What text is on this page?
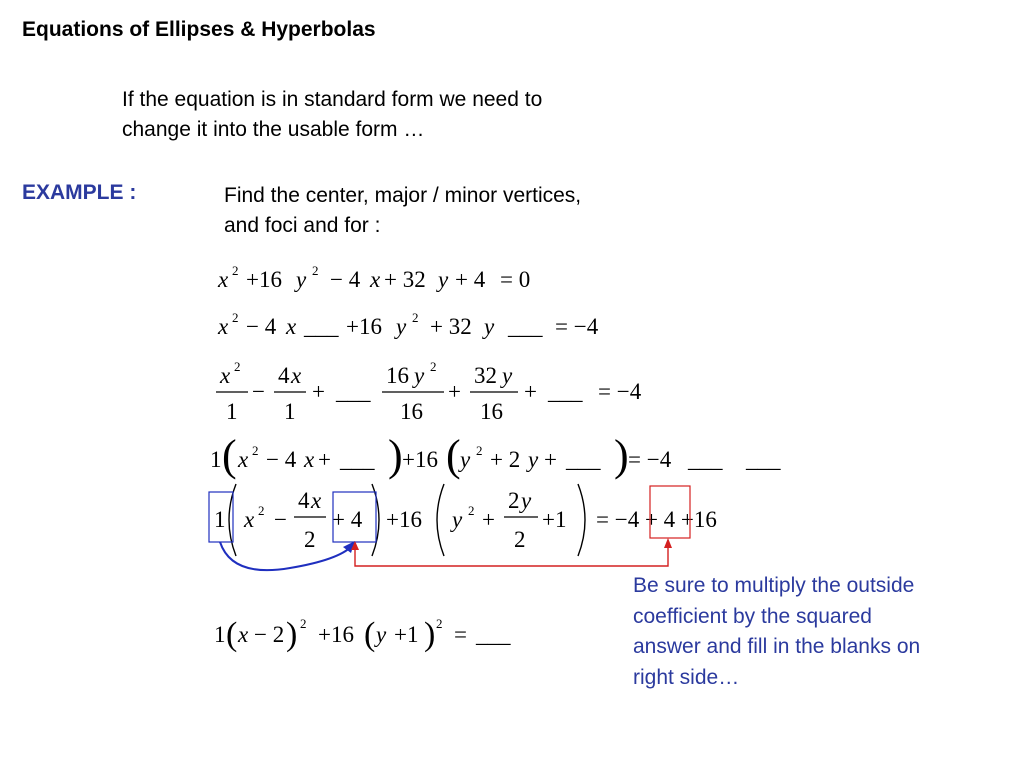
Equations of Ellipses & Hyperbolas
If the equation is in standard form we need to
change it into the usable form …
EXAMPLE :	Find the center, major / minor vertices,
and foci and for :
x 2 +16 y 2 − 4 x + 32 y + 4 = 0
x 2 − 4 x ___ +16 y 2 + 32 y ___ = −4
x 2
1
−
4 x
1
+ ___
16 y 2
16
+
32 y
16
+ ___ = −4
1 ( x 2 − 4 x + ___ ) +16 ( y 2 + 2 y + ___ ) = −4 ___ ___
1 x 2 −
4 x
2
+ 4 +16 y 2 +
2 y
2
+1 = −4 + 4 +16
1 ( x − 2 ) 2 +16 ( y +1 ) 2 = ___
Be sure to multiply the outside
coefficient by the squared
answer and fill in the blanks on
right side…
